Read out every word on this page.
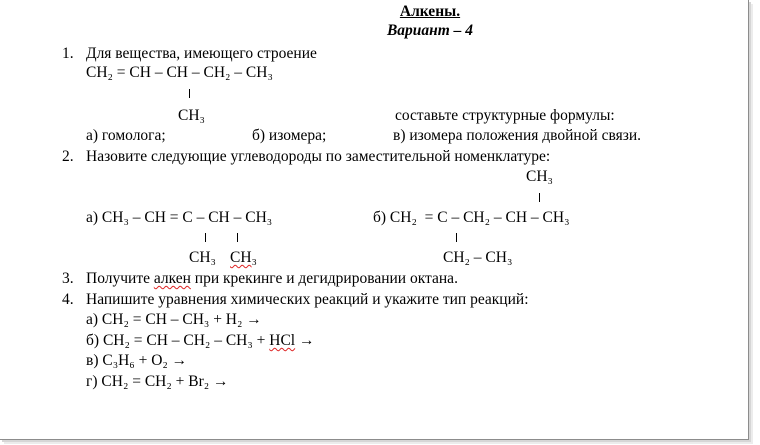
Алкены.
Вариант – 4
1. Для вещества, имеющего строение
CH₂ = CH – CH – CH₂ – CH₃
CH₃	составьте структурные формулы:
а) гомолога;	б) изомера;	в) изомера положения двойной связи.
2. Назовите следующие углеводороды по заместительной номенклатуре:
CH₃
а) CH₃ – CH = C – CH – CH₃	б) CH₂  = C – CH₂ – CH – CH₃
CH₃ CH₃	CH₂ – CH₃
3. Получите алкен при крекинге и дегидрировании октана.
4. Напишите уравнения химических реакций и укажите тип реакций:
а) CH₂ = CH – CH₃ + H₂ →
б) CH₂ = CH – CH₂ – CH₃ + HCl →
в) C₃H₆ + O₂ →
г) CH₂ = CH₂ + Br₂ →
